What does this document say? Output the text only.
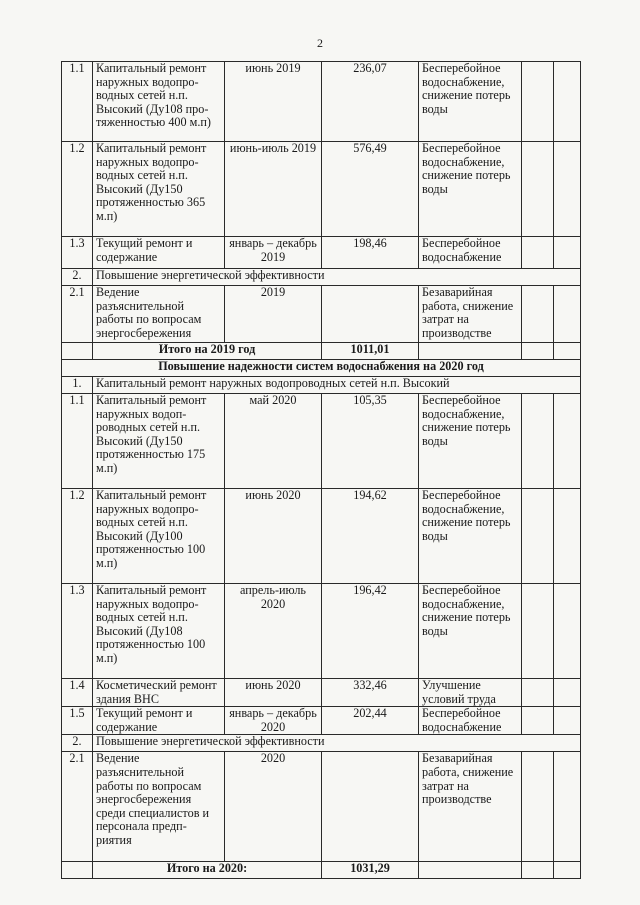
2
1.1	Капитальный ремонт наружных водопро-водных сетей н.п. Высокий (Ду108 про-тяженностью 400 м.п)	июнь 2019	236,07	Бесперебойное водоснабжение, снижение потерь воды		
1.2	Капитальный ремонт наружных водопро-водных сетей н.п. Высокий (Ду150 протяженностью 365 м.п)	июнь-июль 2019	576,49	Бесперебойное водоснабжение, снижение потерь воды		
1.3	Текущий ремонт и содержание	январь – декабрь 2019	198,46	Бесперебойное водоснабжение		
2.	Повышение энергетической эффективности					
2.1	Ведение разъяснительной работы по вопросам энергосбережения	2019		Безаварийная работа, снижение затрат на производстве		
	Итого на 2019 год		1011,01			
Повышение надежности систем водоснабжения на 2020 год						
1.	Капитальный ремонт наружных водопроводных сетей н.п. Высокий					
1.1	Капитальный ремонт наружных водоп-роводных сетей н.п. Высокий (Ду150 протяженностью 175 м.п)	май 2020	105,35	Бесперебойное водоснабжение, снижение потерь воды		
1.2	Капитальный ремонт наружных водопро-водных сетей н.п. Высокий (Ду100 протяженностью 100 м.п)	июнь 2020	194,62	Бесперебойное водоснабжение, снижение потерь воды		
1.3	Капитальный ремонт наружных водопро-водных сетей н.п. Высокий (Ду108 протяженностью 100 м.п)	апрель-июль 2020	196,42	Бесперебойное водоснабжение, снижение потерь воды		
1.4	Косметический ремонт здания ВНС	июнь 2020	332,46	Улучшение условий труда		
1.5	Текущий ремонт и содержание	январь – декабрь 2020	202,44	Бесперебойное водоснабжение		
2.	Повышение энергетической эффективности					
2.1	Ведение разъяснительной работы по вопросам энергосбережения среди специалистов и персонала предп-риятия	2020		Безаварийная работа, снижение затрат на производстве		
	Итого на 2020:		1031,29			
